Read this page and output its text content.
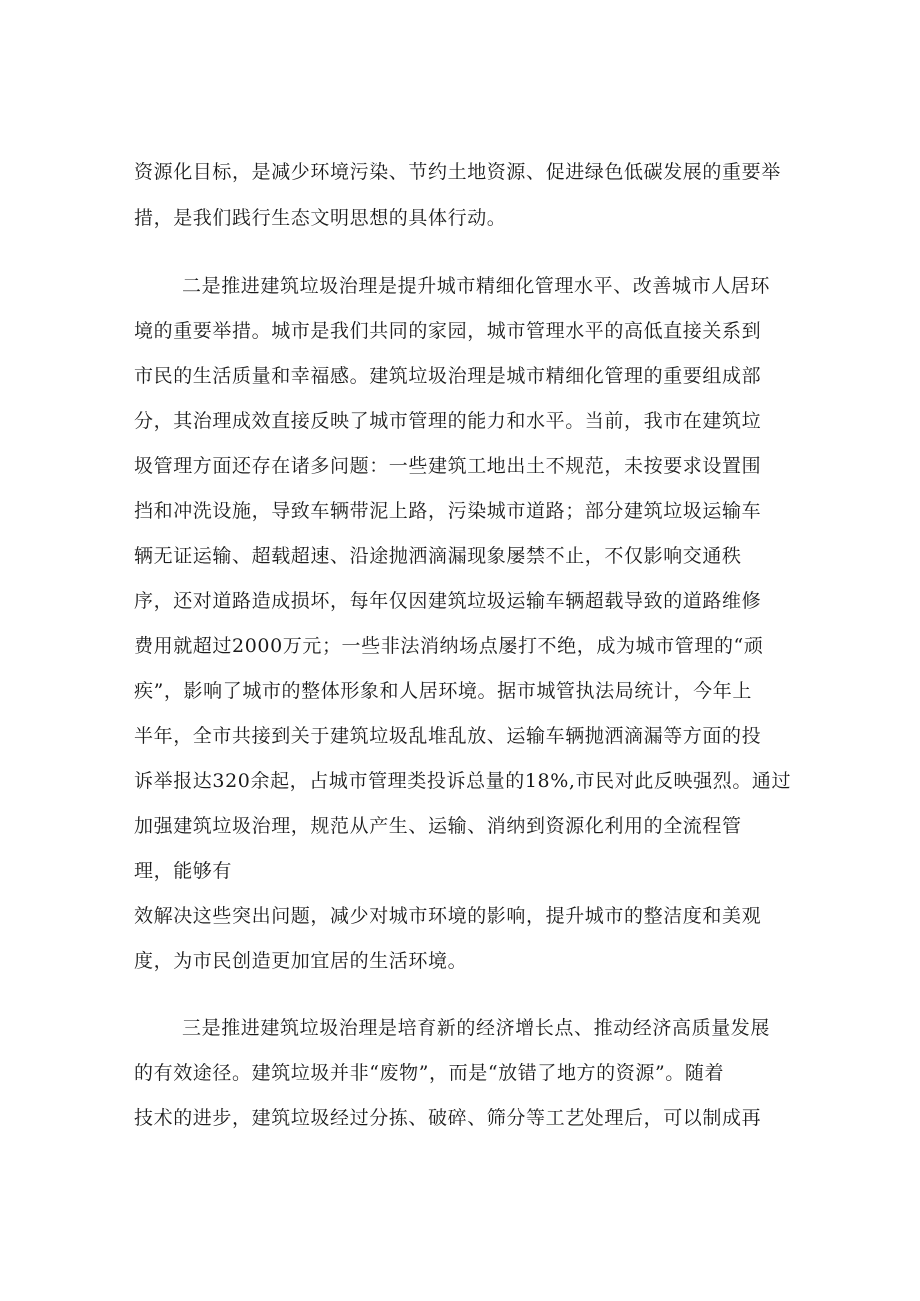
资源化目标，是减少环境污染、节约土地资源、促进绿色低碳发展的重要举
措，是我们践行生态文明思想的具体行动。
二是推进建筑垃圾治理是提升城市精细化管理水平、改善城市人居环
境的重要举措。城市是我们共同的家园，城市管理水平的高低直接关系到
市民的生活质量和幸福感。建筑垃圾治理是城市精细化管理的重要组成部
分，其治理成效直接反映了城市管理的能力和水平。当前，我市在建筑垃
圾管理方面还存在诸多问题：一些建筑工地出土不规范，未按要求设置围
挡和冲洗设施，导致车辆带泥上路，污染城市道路；部分建筑垃圾运输车
辆无证运输、超载超速、沿途抛洒滴漏现象屡禁不止，不仅影响交通秩
序，还对道路造成损坏，每年仅因建筑垃圾运输车辆超载导致的道路维修
费用就超过2000万元；一些非法消纳场点屡打不绝，成为城市管理的“顽
疾”，影响了城市的整体形象和人居环境。据市城管执法局统计，今年上
半年，全市共接到关于建筑垃圾乱堆乱放、运输车辆抛洒滴漏等方面的投
诉举报达320余起，占城市管理类投诉总量的18%,市民对此反映强烈。通过
加强建筑垃圾治理，规范从产生、运输、消纳到资源化利用的全流程管
理，能够有
效解决这些突出问题，减少对城市环境的影响，提升城市的整洁度和美观
度，为市民创造更加宜居的生活环境。
三是推进建筑垃圾治理是培育新的经济增长点、推动经济高质量发展
的有效途径。建筑垃圾并非“废物”，而是“放错了地方的资源”。随着
技术的进步，建筑垃圾经过分拣、破碎、筛分等工艺处理后，可以制成再
